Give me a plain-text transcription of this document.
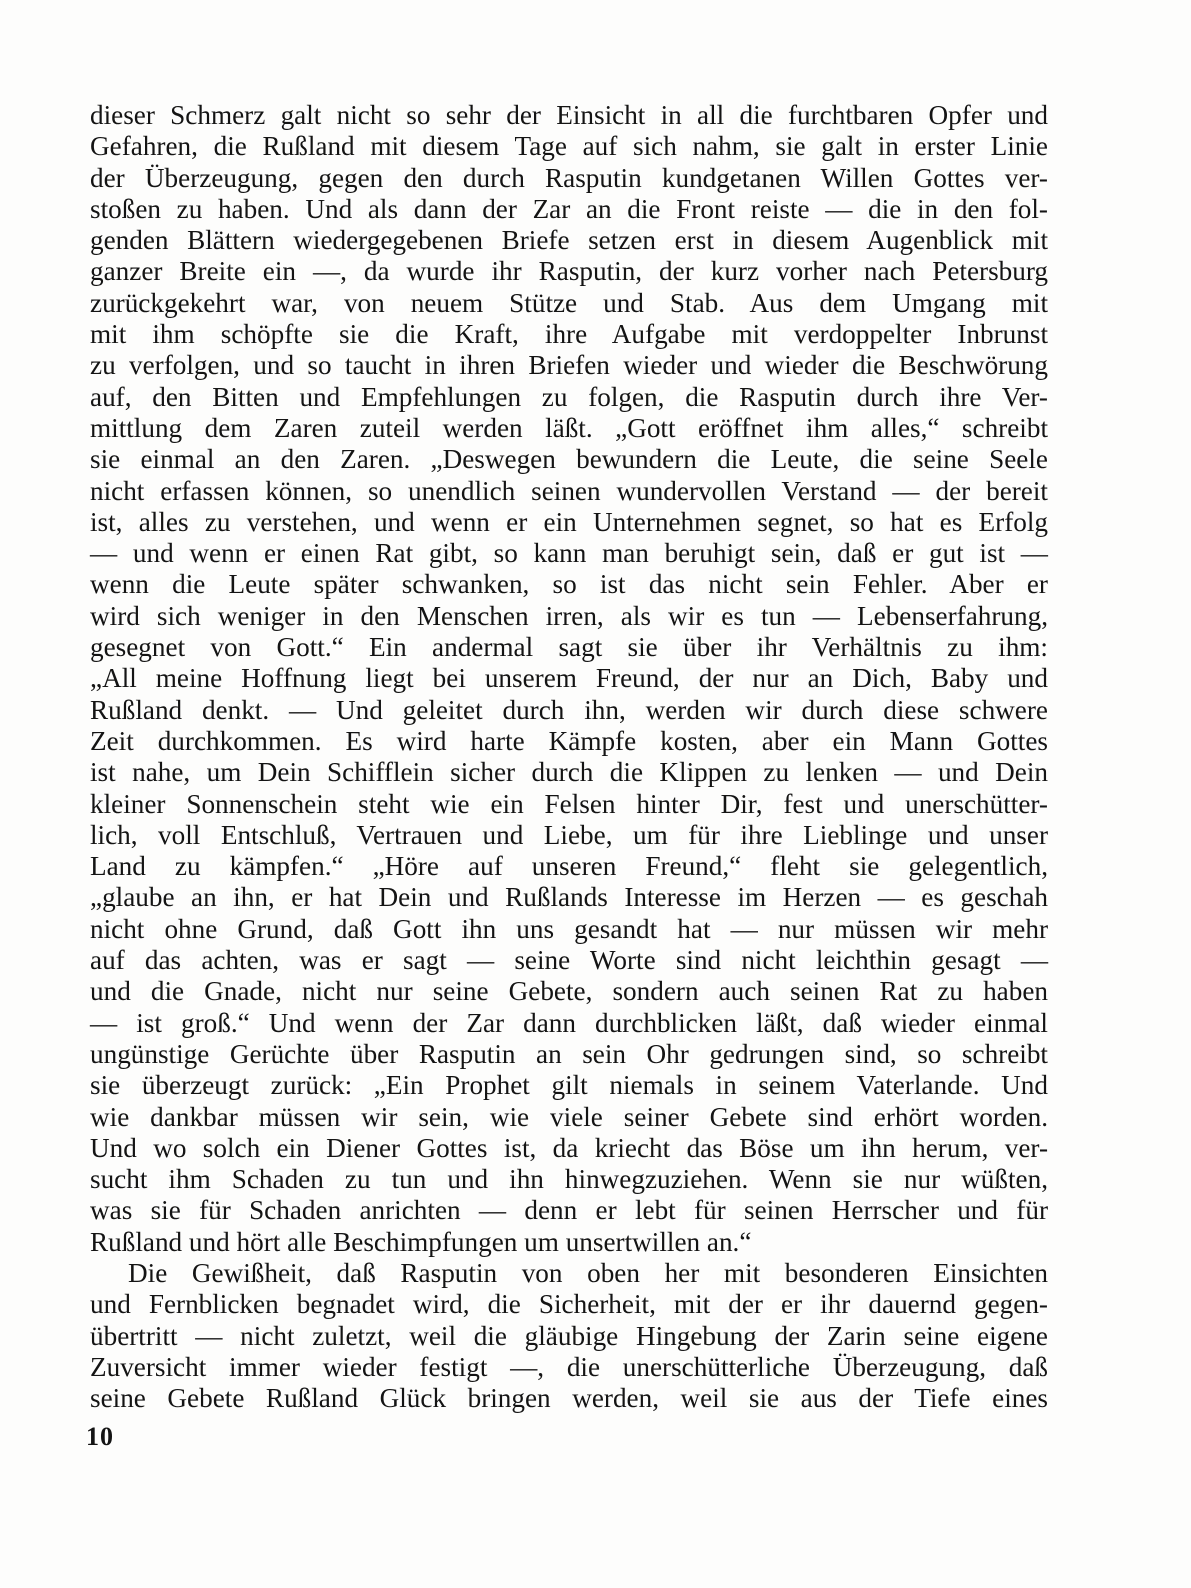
dieser Schmerz galt nicht so sehr der Einsicht in all die furchtbaren Opfer und
Gefahren, die Rußland mit diesem Tage auf sich nahm, sie galt in erster Linie
der Überzeugung, gegen den durch Rasputin kundgetanen Willen Gottes ver-
stoßen zu haben. Und als dann der Zar an die Front reiste — die in den fol-
genden Blättern wiedergegebenen Briefe setzen erst in diesem Augenblick mit
ganzer Breite ein —, da wurde ihr Rasputin, der kurz vorher nach Petersburg
zurückgekehrt war, von neuem Stütze und Stab. Aus dem Umgang mit
mit ihm schöpfte sie die Kraft, ihre Aufgabe mit verdoppelter Inbrunst
zu verfolgen, und so taucht in ihren Briefen wieder und wieder die Beschwörung
auf, den Bitten und Empfehlungen zu folgen, die Rasputin durch ihre Ver-
mittlung dem Zaren zuteil werden läßt. „Gott eröffnet ihm alles,“ schreibt
sie einmal an den Zaren. „Deswegen bewundern die Leute, die seine Seele
nicht erfassen können, so unendlich seinen wundervollen Verstand — der bereit
ist, alles zu verstehen, und wenn er ein Unternehmen segnet, so hat es Erfolg
— und wenn er einen Rat gibt, so kann man beruhigt sein, daß er gut ist —
wenn die Leute später schwanken, so ist das nicht sein Fehler. Aber er
wird sich weniger in den Menschen irren, als wir es tun — Lebenserfahrung,
gesegnet von Gott.“ Ein andermal sagt sie über ihr Verhältnis zu ihm:
„All meine Hoffnung liegt bei unserem Freund, der nur an Dich, Baby und
Rußland denkt. — Und geleitet durch ihn, werden wir durch diese schwere
Zeit durchkommen. Es wird harte Kämpfe kosten, aber ein Mann Gottes
ist nahe, um Dein Schifflein sicher durch die Klippen zu lenken — und Dein
kleiner Sonnenschein steht wie ein Felsen hinter Dir, fest und unerschütter-
lich, voll Entschluß, Vertrauen und Liebe, um für ihre Lieblinge und unser
Land zu kämpfen.“ „Höre auf unseren Freund,“ fleht sie gelegentlich,
„glaube an ihn, er hat Dein und Rußlands Interesse im Herzen — es geschah
nicht ohne Grund, daß Gott ihn uns gesandt hat — nur müssen wir mehr
auf das achten, was er sagt — seine Worte sind nicht leichthin gesagt —
und die Gnade, nicht nur seine Gebete, sondern auch seinen Rat zu haben
— ist groß.“ Und wenn der Zar dann durchblicken läßt, daß wieder einmal
ungünstige Gerüchte über Rasputin an sein Ohr gedrungen sind, so schreibt
sie überzeugt zurück: „Ein Prophet gilt niemals in seinem Vaterlande. Und
wie dankbar müssen wir sein, wie viele seiner Gebete sind erhört worden.
Und wo solch ein Diener Gottes ist, da kriecht das Böse um ihn herum, ver-
sucht ihm Schaden zu tun und ihn hinwegzuziehen. Wenn sie nur wüßten,
was sie für Schaden anrichten — denn er lebt für seinen Herrscher und für
Rußland und hört alle Beschimpfungen um unsertwillen an.“
Die Gewißheit, daß Rasputin von oben her mit besonderen Einsichten
und Fernblicken begnadet wird, die Sicherheit, mit der er ihr dauernd gegen-
übertritt — nicht zuletzt, weil die gläubige Hingebung der Zarin seine eigene
Zuversicht immer wieder festigt —, die unerschütterliche Überzeugung, daß
seine Gebete Rußland Glück bringen werden, weil sie aus der Tiefe eines
10
